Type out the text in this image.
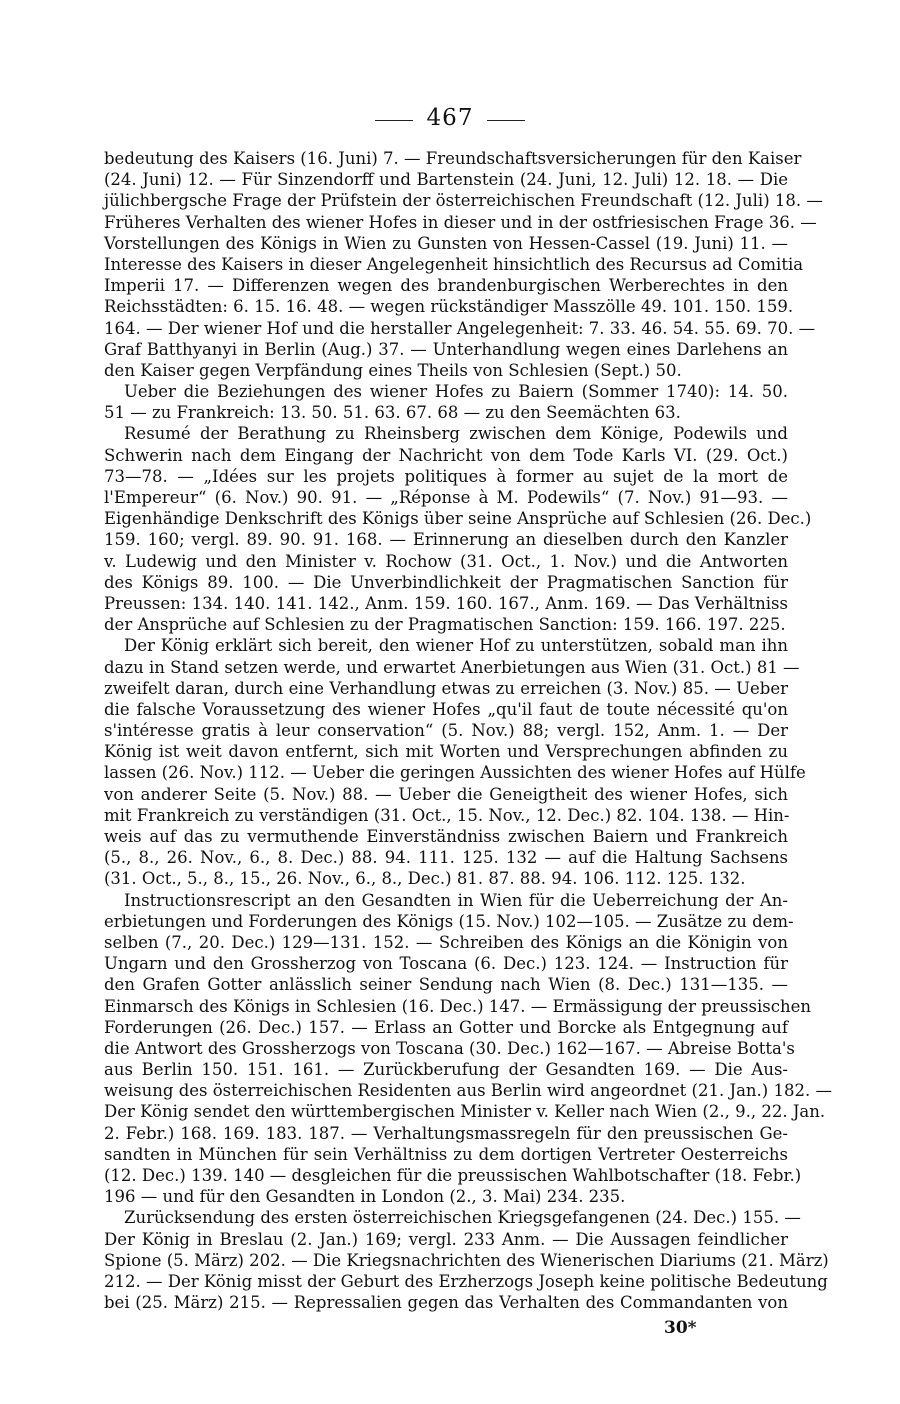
467
bedeutung des Kaisers (16. Juni) 7. — Freundschaftsversicherungen für den Kaiser
(24. Juni) 12. — Für Sinzendorff und Bartenstein (24. Juni, 12. Juli) 12. 18. — Die
jülichbergsche Frage der Prüfstein der österreichischen Freundschaft (12. Juli) 18. —
Früheres Verhalten des wiener Hofes in dieser und in der ostfriesischen Frage 36. —
Vorstellungen des Königs in Wien zu Gunsten von Hessen-Cassel (19. Juni) 11. —
Interesse des Kaisers in dieser Angelegenheit hinsichtlich des Recursus ad Comitia
Imperii 17. — Differenzen wegen des brandenburgischen Werberechtes in den
Reichsstädten: 6. 15. 16. 48. — wegen rückständiger Masszölle 49. 101. 150. 159.
164. — Der wiener Hof und die herstaller Angelegenheit: 7. 33. 46. 54. 55. 69. 70. —
Graf Batthyanyi in Berlin (Aug.) 37. — Unterhandlung wegen eines Darlehens an
den Kaiser gegen Verpfändung eines Theils von Schlesien (Sept.) 50.
Ueber die Beziehungen des wiener Hofes zu Baiern (Sommer 1740): 14. 50.
51 — zu Frankreich: 13. 50. 51. 63. 67. 68 — zu den Seemächten 63.
Resumé der Berathung zu Rheinsberg zwischen dem Könige, Podewils und
Schwerin nach dem Eingang der Nachricht von dem Tode Karls VI. (29. Oct.)
73—78. — „Idées sur les projets politiques à former au sujet de la mort de
l'Empereur“ (6. Nov.) 90. 91. — „Réponse à M. Podewils“ (7. Nov.) 91—93. —
Eigenhändige Denkschrift des Königs über seine Ansprüche auf Schlesien (26. Dec.)
159. 160; vergl. 89. 90. 91. 168. — Erinnerung an dieselben durch den Kanzler
v. Ludewig und den Minister v. Rochow (31. Oct., 1. Nov.) und die Antworten
des Königs 89. 100. — Die Unverbindlichkeit der Pragmatischen Sanction für
Preussen: 134. 140. 141. 142., Anm. 159. 160. 167., Anm. 169. — Das Verhältniss
der Ansprüche auf Schlesien zu der Pragmatischen Sanction: 159. 166. 197. 225.
Der König erklärt sich bereit, den wiener Hof zu unterstützen, sobald man ihn
dazu in Stand setzen werde, und erwartet Anerbietungen aus Wien (31. Oct.) 81 —
zweifelt daran, durch eine Verhandlung etwas zu erreichen (3. Nov.) 85. — Ueber
die falsche Voraussetzung des wiener Hofes „qu'il faut de toute nécessité qu'on
s'intéresse gratis à leur conservation“ (5. Nov.) 88; vergl. 152, Anm. 1. — Der
König ist weit davon entfernt, sich mit Worten und Versprechungen abfinden zu
lassen (26. Nov.) 112. — Ueber die geringen Aussichten des wiener Hofes auf Hülfe
von anderer Seite (5. Nov.) 88. — Ueber die Geneigtheit des wiener Hofes, sich
mit Frankreich zu verständigen (31. Oct., 15. Nov., 12. Dec.) 82. 104. 138. — Hin-
weis auf das zu vermuthende Einverständniss zwischen Baiern und Frankreich
(5., 8., 26. Nov., 6., 8. Dec.) 88. 94. 111. 125. 132 — auf die Haltung Sachsens
(31. Oct., 5., 8., 15., 26. Nov., 6., 8., Dec.) 81. 87. 88. 94. 106. 112. 125. 132.
Instructionsrescript an den Gesandten in Wien für die Ueberreichung der An-
erbietungen und Forderungen des Königs (15. Nov.) 102—105. — Zusätze zu dem-
selben (7., 20. Dec.) 129—131. 152. — Schreiben des Königs an die Königin von
Ungarn und den Grossherzog von Toscana (6. Dec.) 123. 124. — Instruction für
den Grafen Gotter anlässlich seiner Sendung nach Wien (8. Dec.) 131—135. —
Einmarsch des Königs in Schlesien (16. Dec.) 147. — Ermässigung der preussischen
Forderungen (26. Dec.) 157. — Erlass an Gotter und Borcke als Entgegnung auf
die Antwort des Grossherzogs von Toscana (30. Dec.) 162—167. — Abreise Botta's
aus Berlin 150. 151. 161. — Zurückberufung der Gesandten 169. — Die Aus-
weisung des österreichischen Residenten aus Berlin wird angeordnet (21. Jan.) 182. —
Der König sendet den württembergischen Minister v. Keller nach Wien (2., 9., 22. Jan.
2. Febr.) 168. 169. 183. 187. — Verhaltungsmassregeln für den preussischen Ge-
sandten in München für sein Verhältniss zu dem dortigen Vertreter Oesterreichs
(12. Dec.) 139. 140 — desgleichen für die preussischen Wahlbotschafter (18. Febr.)
196 — und für den Gesandten in London (2., 3. Mai) 234. 235.
Zurücksendung des ersten österreichischen Kriegsgefangenen (24. Dec.) 155. —
Der König in Breslau (2. Jan.) 169; vergl. 233 Anm. — Die Aussagen feindlicher
Spione (5. März) 202. — Die Kriegsnachrichten des Wienerischen Diariums (21. März)
212. — Der König misst der Geburt des Erzherzogs Joseph keine politische Bedeutung
bei (25. März) 215. — Repressalien gegen das Verhalten des Commandanten von
30*
